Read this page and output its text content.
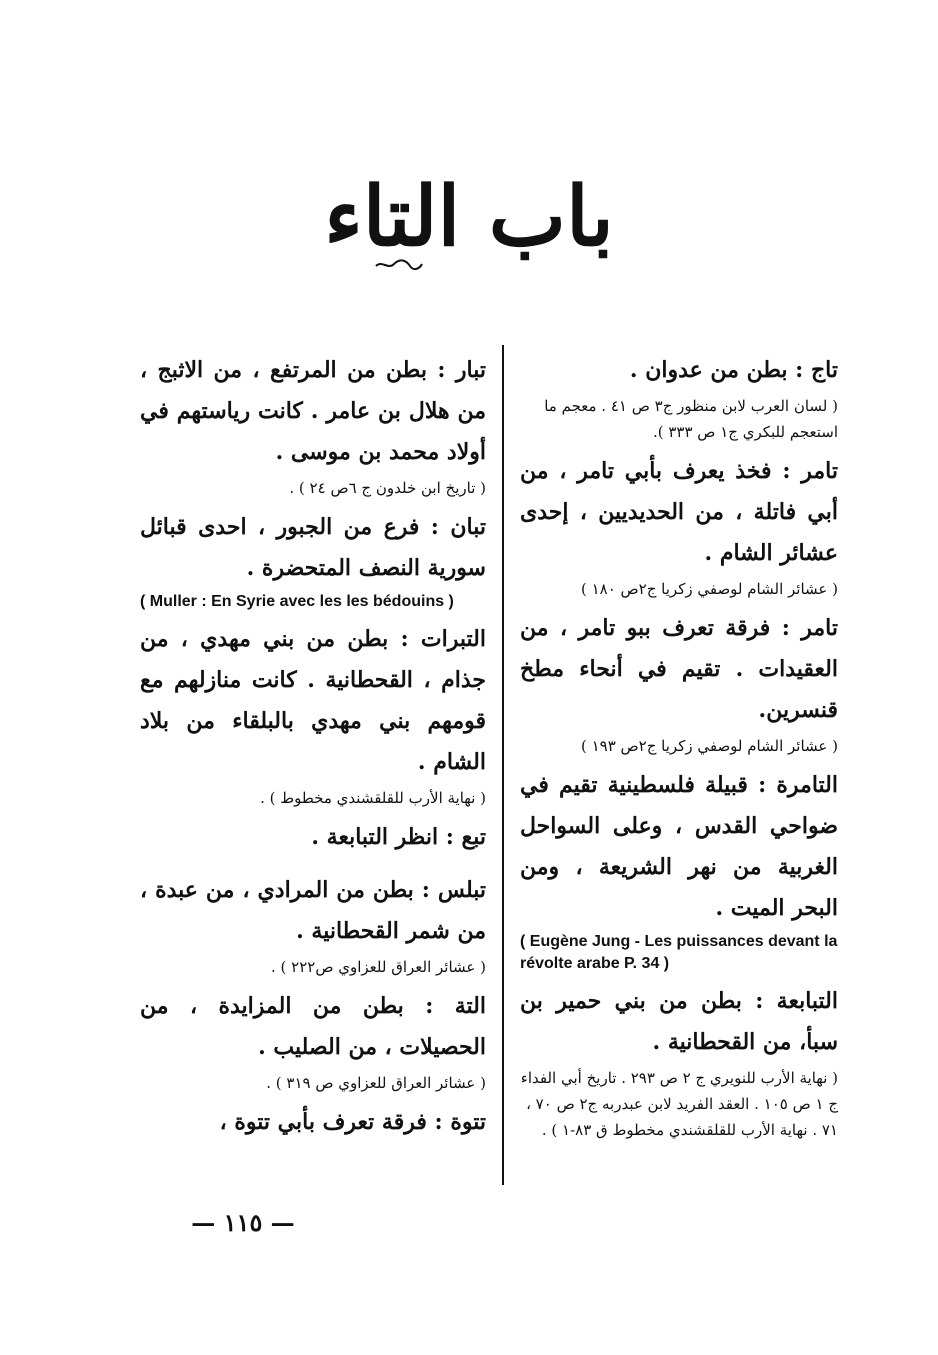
باب التاء

تاج : بطن من عدوان .

( لسان العرب لابن منظور ج٣ ص ٤١ . معجم ما استعجم للبكري ج١ ص ٣٣٣ ).

تامر : فخذ يعرف بأبي تامر ، من أبي فاتلة ، من الحديديين ، إحدى عشائر الشام .

( عشائر الشام لوصفي زكريا ج٢ص ١٨٠ )

تامر : فرقة تعرف ببو تامر ، من العقيدات . تقيم في أنحاء مطخ قنسرين.

( عشائر الشام لوصفي زكريا ج٢ص ١٩٣ )

التامرة : قبيلة فلسطينية تقيم في ضواحي القدس ، وعلى السواحل الغربية من نهر الشريعة ، ومن البحر الميت .

( Eugène Jung - Les puissances devant la révolte arabe P. 34 )

التبابعة : بطن من بني حمير بن سبأ، من القحطانية .

( نهاية الأرب للنويري ج ٢ ص ٢٩٣ . تاريخ أبي الفداء ج ١ ص ١٠٥ . العقد الفريد لابن عبدربه ج٢ ص ٧٠ ، ٧١ . نهاية الأرب للقلقشندي مخطوط ق ٨٣-١ ) .

تبار : بطن من المرتفع ، من الاثبج ، من هلال بن عامر . كانت رياستهم في أولاد محمد بن موسى .

( تاريخ ابن خلدون ج ٦ص ٢٤ ) .

تبان : فرع من الجبور ، احدى قبائل سورية النصف المتحضرة .

( Muller : En Syrie avec les les bédouins )

التبرات : بطن من بني مهدي ، من جذام ، القحطانية . كانت منازلهم مع قومهم بني مهدي بالبلقاء من بلاد الشام .

( نهاية الأرب للقلقشندي مخطوط ) .

تبع : انظر التبابعة .

تبلس : بطن من المرادي ، من عبدة ، من شمر القحطانية .

( عشائر العراق للعزاوي ص٢٢٢ ) .

التة : بطن من المزايدة ، من الحصيلات ، من الصليب .

( عشائر العراق للعزاوي ص ٣١٩ ) .

تتوة : فرقة تعرف بأبي تتوة ،

— ١١٥ —
